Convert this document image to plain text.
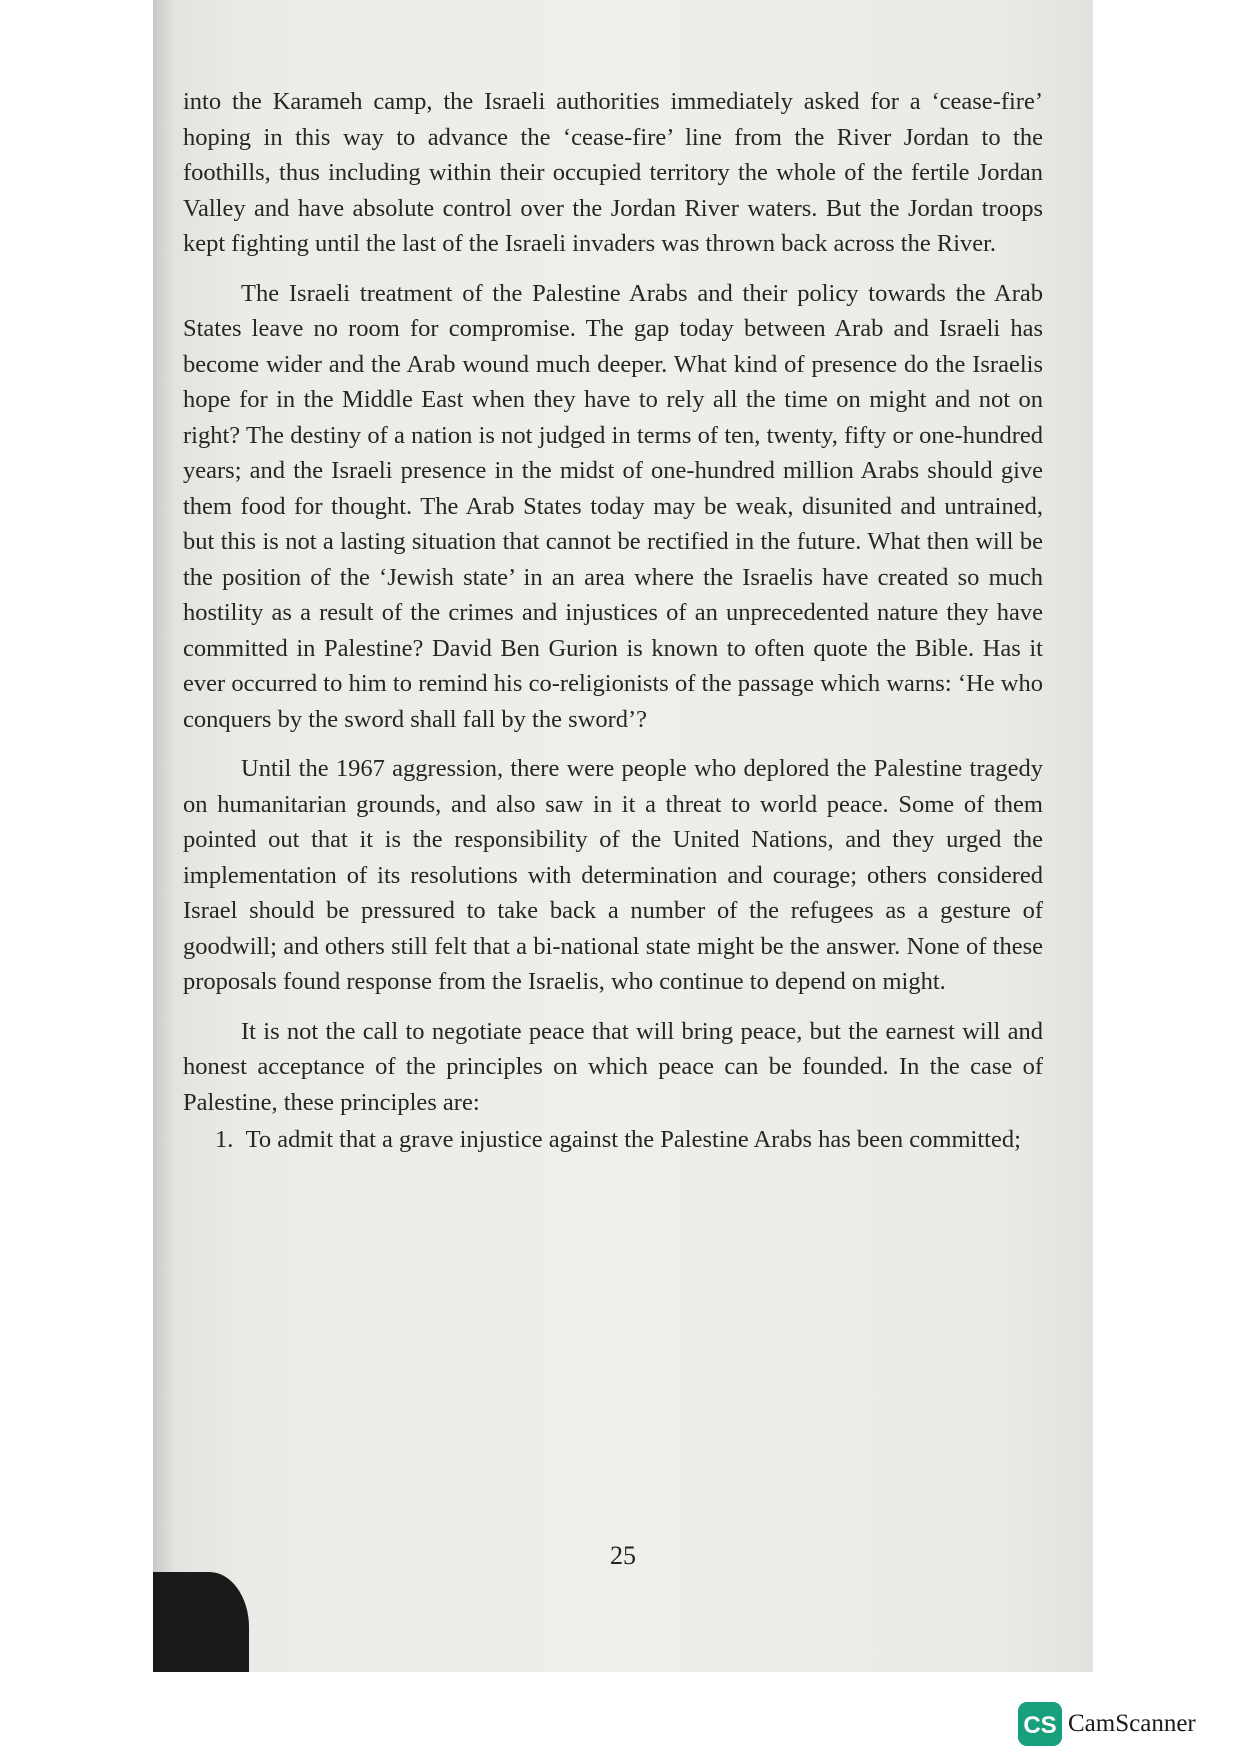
into the Karameh camp, the Israeli authorities immediately asked for a ‘cease-fire’ hoping in this way to advance the ‘cease-fire’ line from the River Jordan to the foothills, thus including within their occupied territory the whole of the fertile Jordan Valley and have absolute control over the Jordan River waters. But the Jordan troops kept fighting until the last of the Israeli invaders was thrown back across the River.

The Israeli treatment of the Palestine Arabs and their policy towards the Arab States leave no room for compromise. The gap today between Arab and Israeli has become wider and the Arab wound much deeper. What kind of presence do the Israelis hope for in the Middle East when they have to rely all the time on might and not on right? The destiny of a nation is not judged in terms of ten, twenty, fifty or one-hundred years; and the Israeli presence in the midst of one-hundred million Arabs should give them food for thought. The Arab States today may be weak, disunited and untrained, but this is not a lasting situation that cannot be rectified in the future. What then will be the position of the ‘Jewish state’ in an area where the Israelis have created so much hostility as a result of the crimes and injustices of an unprecedented nature they have committed in Palestine? David Ben Gurion is known to often quote the Bible. Has it ever occurred to him to remind his co-religionists of the passage which warns: ‘He who conquers by the sword shall fall by the sword’?

Until the 1967 aggression, there were people who deplored the Palestine tragedy on humanitarian grounds, and also saw in it a threat to world peace. Some of them pointed out that it is the responsibility of the United Nations, and they urged the implementation of its resolutions with determination and courage; others considered Israel should be pressured to take back a number of the refugees as a gesture of goodwill; and others still felt that a bi-national state might be the answer. None of these proposals found response from the Israelis, who continue to depend on might.

It is not the call to negotiate peace that will bring peace, but the earnest will and honest acceptance of the principles on which peace can be founded. In the case of Palestine, these principles are:

1. To admit that a grave injustice against the Palestine Arabs has been committed;

25
CS CamScanner
